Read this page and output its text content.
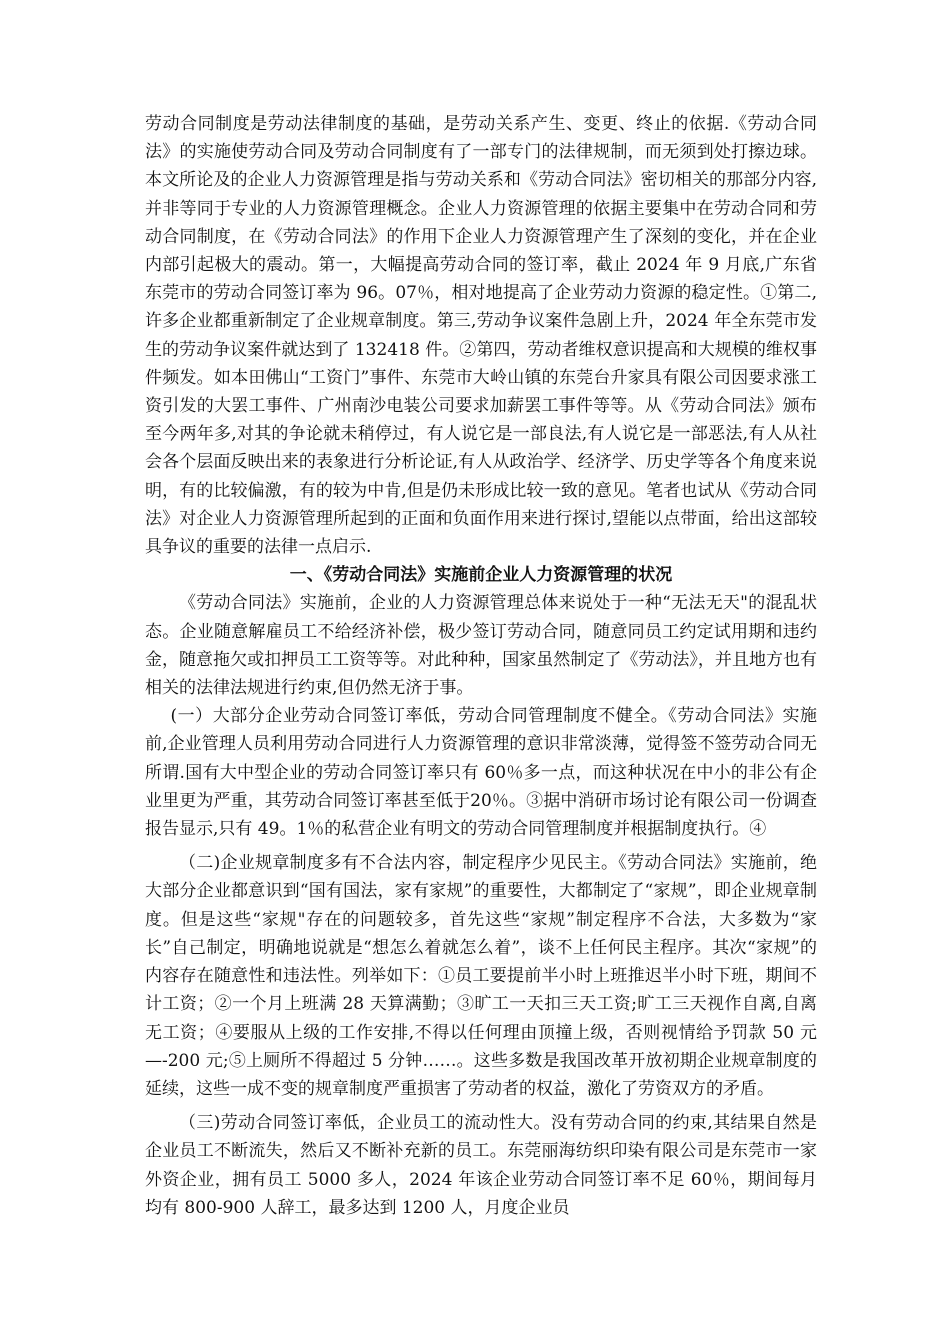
劳动合同制度是劳动法律制度的基础，是劳动关系产生、变更、终止的依据.《劳动合同法》的实施使劳动合同及劳动合同制度有了一部专门的法律规制，而无须到处打擦边球。本文所论及的企业人力资源管理是指与劳动关系和《劳动合同法》密切相关的那部分内容,并非等同于专业的人力资源管理概念。企业人力资源管理的依据主要集中在劳动合同和劳动合同制度，在《劳动合同法》的作用下企业人力资源管理产生了深刻的变化，并在企业内部引起极大的震动。第一，大幅提高劳动合同的签订率，截止 2024 年 9 月底,广东省东莞市的劳动合同签订率为 96。07％，相对地提高了企业劳动力资源的稳定性。①第二,许多企业都重新制定了企业规章制度。第三,劳动争议案件急剧上升，2024 年全东莞市发生的劳动争议案件就达到了 132418 件。②第四，劳动者维权意识提高和大规模的维权事件频发。如本田佛山“工资门”事件、东莞市大岭山镇的东莞台升家具有限公司因要求涨工资引发的大罢工事件、广州南沙电装公司要求加薪罢工事件等等。从《劳动合同法》颁布至今两年多,对其的争论就未稍停过，有人说它是一部良法,有人说它是一部恶法,有人从社会各个层面反映出来的表象进行分析论证,有人从政治学、经济学、历史学等各个角度来说明，有的比较偏激，有的较为中肯,但是仍未形成比较一致的意见。笔者也试从《劳动合同法》对企业人力资源管理所起到的正面和负面作用来进行探讨,望能以点带面，给出这部较具争议的重要的法律一点启示.

一、《劳动合同法》实施前企业人力资源管理的状况

《劳动合同法》实施前，企业的人力资源管理总体来说处于一种“无法无天"的混乱状态。企业随意解雇员工不给经济补偿，极少签订劳动合同，随意同员工约定试用期和违约金，随意拖欠或扣押员工工资等等。对此种种，国家虽然制定了《劳动法》，并且地方也有相关的法律法规进行约束,但仍然无济于事。

(一）大部分企业劳动合同签订率低，劳动合同管理制度不健全。《劳动合同法》实施前,企业管理人员利用劳动合同进行人力资源管理的意识非常淡薄，觉得签不签劳动合同无所谓.国有大中型企业的劳动合同签订率只有 60％多一点，而这种状况在中小的非公有企业里更为严重，其劳动合同签订率甚至低于20％。③据中消研市场讨论有限公司一份调查报告显示,只有 49。1％的私营企业有明文的劳动合同管理制度并根据制度执行。④

（二)企业规章制度多有不合法内容，制定程序少见民主。《劳动合同法》实施前，绝大部分企业都意识到“国有国法，家有家规”的重要性，大都制定了“家规”，即企业规章制度。但是这些“家规"存在的问题较多，首先这些“家规”制定程序不合法，大多数为“家长”自己制定，明确地说就是“想怎么着就怎么着”，谈不上任何民主程序。其次“家规”的内容存在随意性和违法性。列举如下：①员工要提前半小时上班推迟半小时下班，期间不计工资；②一个月上班满 28 天算满勤；③旷工一天扣三天工资;旷工三天视作自离,自离无工资；④要服从上级的工作安排,不得以任何理由顶撞上级，否则视情给予罚款 50 元—-200 元;⑤上厕所不得超过 5 分钟……。这些多数是我国改革开放初期企业规章制度的延续，这些一成不变的规章制度严重损害了劳动者的权益，激化了劳资双方的矛盾。

（三)劳动合同签订率低，企业员工的流动性大。没有劳动合同的约束,其结果自然是企业员工不断流失，然后又不断补充新的员工。东莞丽海纺织印染有限公司是东莞市一家外资企业，拥有员工 5000 多人，2024 年该企业劳动合同签订率不足 60％，期间每月均有 800-900 人辞工，最多达到 1200 人，月度企业员
